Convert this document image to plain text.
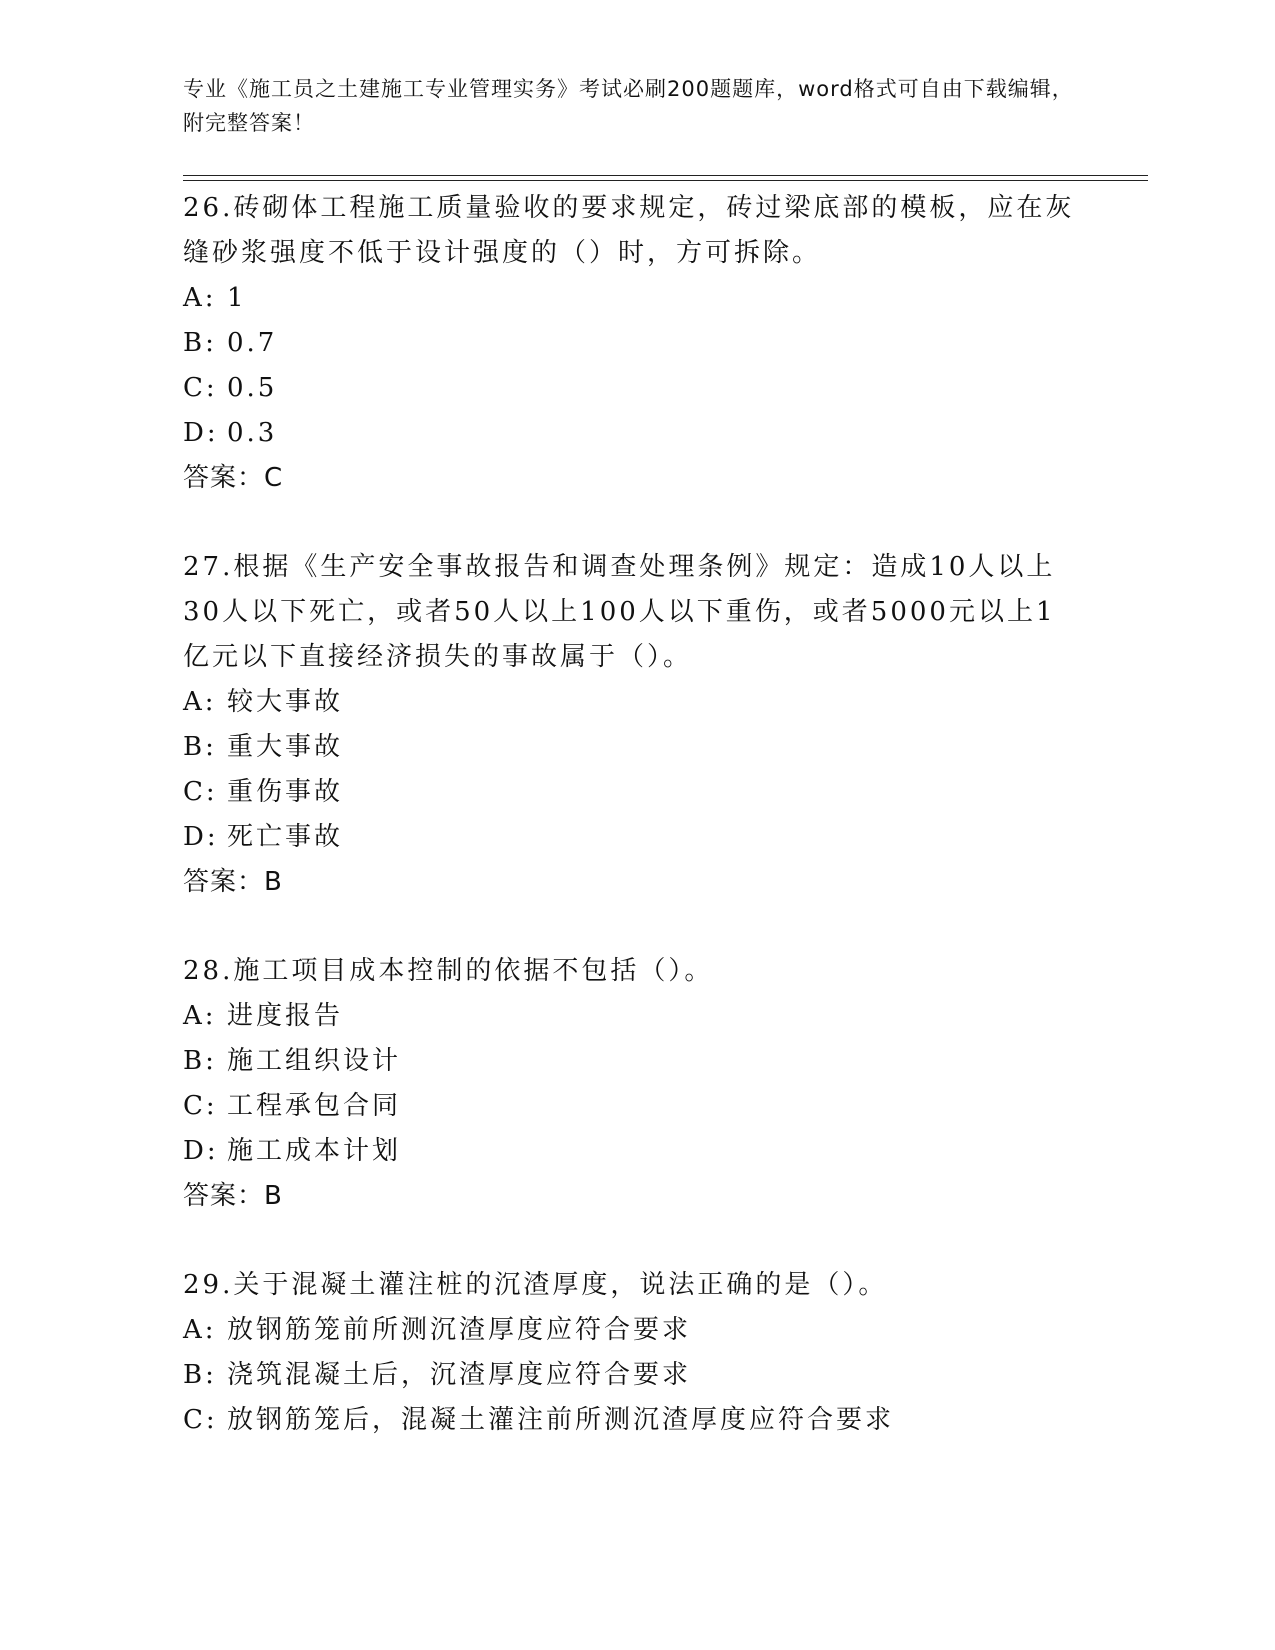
专业《施工员之土建施工专业管理实务》考试必刷200题题库，word格式可自由下载编辑，附完整答案！

26.砖砌体工程施工质量验收的要求规定，砖过梁底部的模板，应在灰缝砂浆强度不低于设计强度的（）时，方可拆除。

A: 1

B: 0.7

C: 0.5

D: 0.3

答案：C

27.根据《生产安全事故报告和调查处理条例》规定：造成10人以上30人以下死亡，或者50人以上100人以下重伤，或者5000元以上1亿元以下直接经济损失的事故属于（）。

A: 较大事故

B: 重大事故

C: 重伤事故

D: 死亡事故

答案：B

28.施工项目成本控制的依据不包括（）。

A: 进度报告

B: 施工组织设计

C: 工程承包合同

D: 施工成本计划

答案：B

29.关于混凝土灌注桩的沉渣厚度，说法正确的是（）。

A: 放钢筋笼前所测沉渣厚度应符合要求

B: 浇筑混凝土后，沉渣厚度应符合要求

C: 放钢筋笼后，混凝土灌注前所测沉渣厚度应符合要求
